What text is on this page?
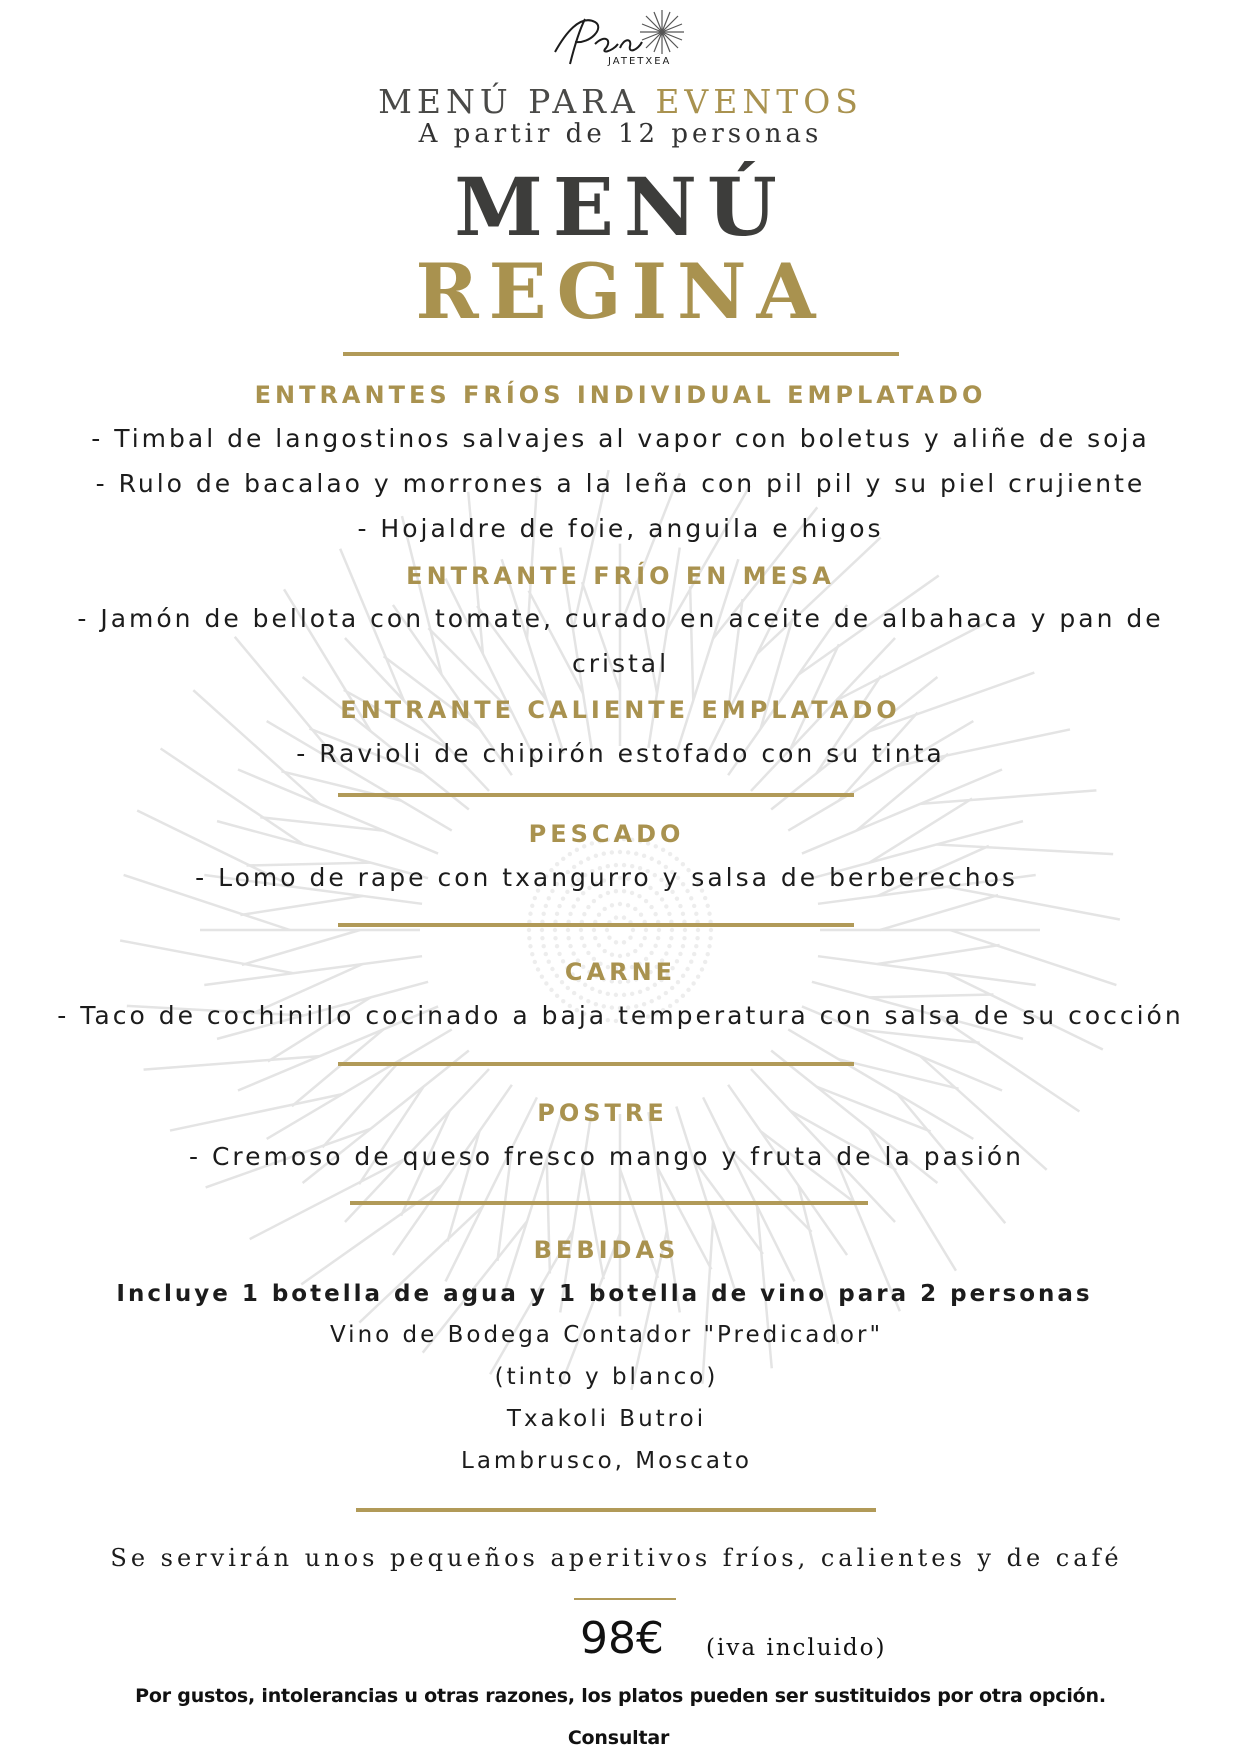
JATETXEA
MENÚ PARA EVENTOS
A partir de 12 personas
MENÚ
REGINA
ENTRANTES FRÍOS INDIVIDUAL EMPLATADO
- Timbal de langostinos salvajes al vapor con boletus y aliñe de soja
- Rulo de bacalao y morrones a la leña con pil pil y su piel crujiente
- Hojaldre de foie, anguila e higos
ENTRANTE FRÍO EN MESA
- Jamón de bellota con tomate, curado en aceite de albahaca y pan de
cristal
ENTRANTE CALIENTE EMPLATADO
- Ravioli de chipirón estofado con su tinta
PESCADO
- Lomo de rape con txangurro y salsa de berberechos
CARNE
- Taco de cochinillo cocinado a baja temperatura con salsa de su cocción
POSTRE
- Cremoso de queso fresco mango y fruta de la pasión
BEBIDAS
Incluye 1 botella de agua y 1 botella de vino para 2 personas
Vino de Bodega Contador "Predicador"
(tinto y blanco)
Txakoli Butroi
Lambrusco, Moscato
Se servirán unos pequeños aperitivos fríos, calientes y de café
98€ (iva incluido)
Por gustos, intolerancias u otras razones, los platos pueden ser sustituidos por otra opción.
Consultar
